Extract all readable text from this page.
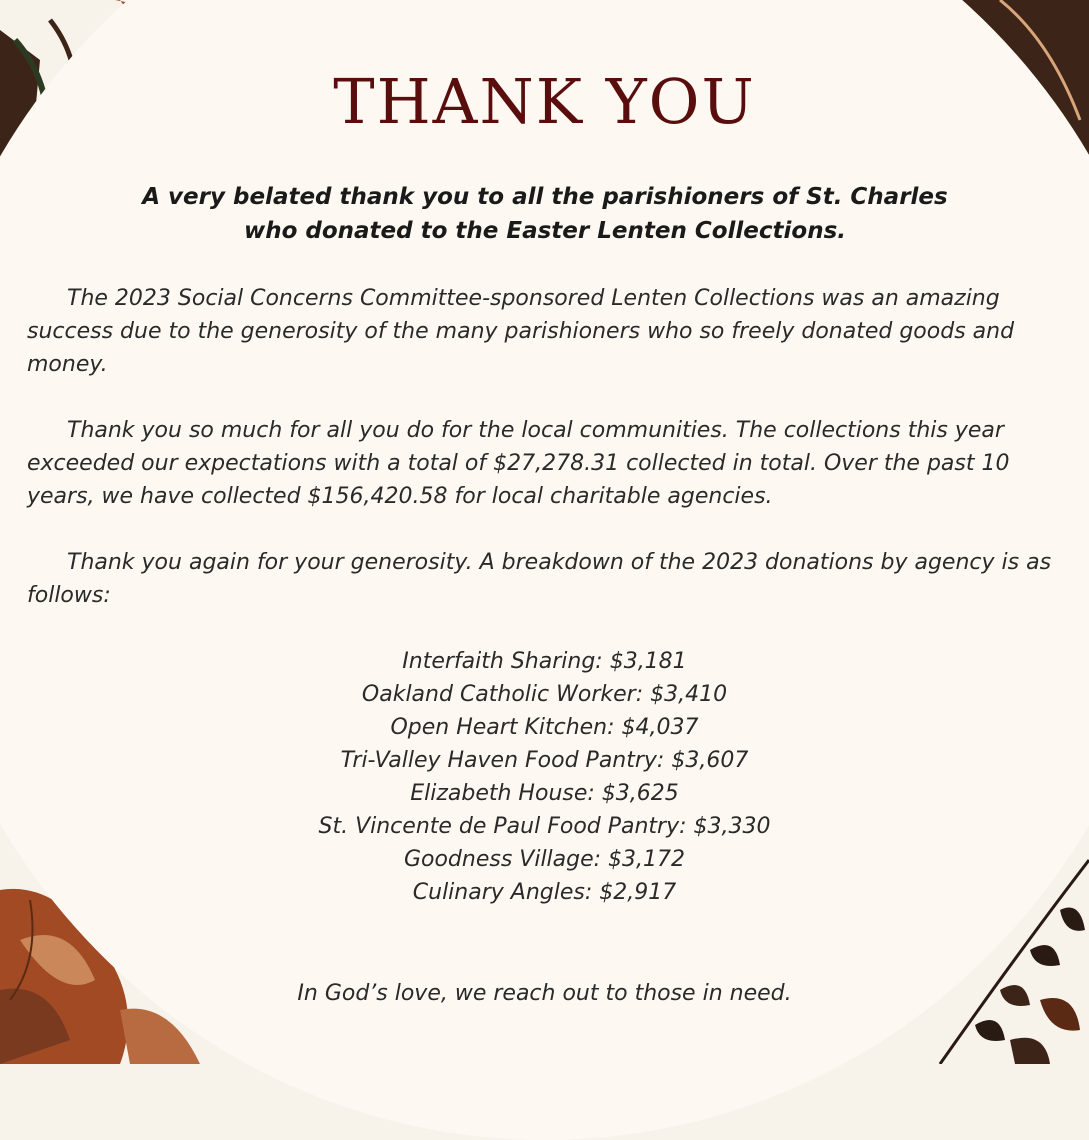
THANK YOU

A very belated thank you to all the parishioners of St. Charles
who donated to the Easter Lenten Collections.

The 2023 Social Concerns Committee-sponsored Lenten Collections was an amazing success due to the generosity of the many parishioners who so freely donated goods and money.

Thank you so much for all you do for the local communities. The collections this year exceeded our expectations with a total of $27,278.31 collected in total. Over the past 10 years, we have collected $156,420.58 for local charitable agencies.

Thank you again for your generosity. A breakdown of the 2023 donations by agency is as follows:

Interfaith Sharing: $3,181
Oakland Catholic Worker: $3,410
Open Heart Kitchen: $4,037
Tri-Valley Haven Food Pantry: $3,607
Elizabeth House: $3,625
St. Vincente de Paul Food Pantry: $3,330
Goodness Village: $3,172
Culinary Angles: $2,917

In God’s love, we reach out to those in need.
